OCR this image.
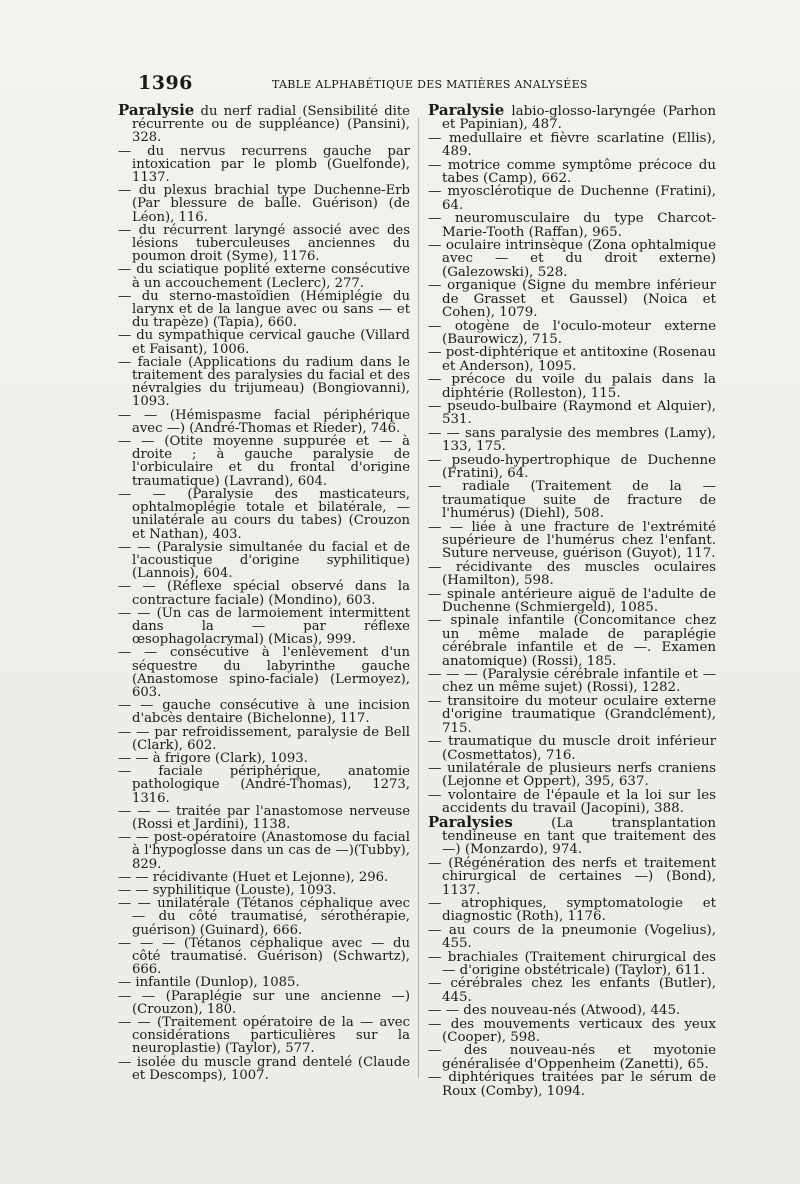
1396	TABLE ALPHABÉTIQUE DES MATIÈRES ANALYSÉES

Paralysie du nerf radial (Sensibilité dite récurrente ou de suppléance) (Pansini), 328.

— du nervus recurrens gauche par intoxication par le plomb (Guelfonde), 1137.

— du plexus brachial type Duchenne-Erb (Par blessure de balle. Guérison) (de Léon), 116.

— du récurrent laryngé associé avec des lésions tuberculeuses anciennes du poumon droit (Syme), 1176.

— du sciatique poplité externe consécutive à un accouchement (Leclerc), 277.

— du sterno-mastoïdien (Hémiplégie du larynx et de la langue avec ou sans — et du trapèze) (Tapia), 660.

— du sympathique cervical gauche (Villard et Faisant), 1006.

— faciale (Applications du radium dans le traitement des paralysies du facial et des névralgies du trijumeau) (Bongiovanni), 1093.

— — (Hémispasme facial périphérique avec —) (André-Thomas et Rieder), 746.

— — (Otite moyenne suppurée et — à droite ; à gauche paralysie de l'orbiculaire et du frontal d'origine traumatique) (Lavrand), 604.

— — (Paralysie des masticateurs, ophtalmoplégie totale et bilatérale, — unilatérale au cours du tabes) (Crouzon et Nathan), 403.

— — (Paralysie simultanée du facial et de l'acoustique d'origine syphilitique) (Lannois), 604.

— — (Réflexe spécial observé dans la contracture faciale) (Mondino), 603.

— — (Un cas de larmoiement intermittent dans la — par réflexe œsophagolacrymal) (Micas), 999.

— — consécutive à l'enlèvement d'un séquestre du labyrinthe gauche (Anastomose spino-faciale) (Lermoyez), 603.

— — gauche consécutive à une incision d'abcès dentaire (Bichelonne), 117.

— — par refroidissement, paralysie de Bell (Clark), 602.

— — à frigore (Clark), 1093.

— faciale périphérique, anatomie pathologique (André-Thomas), 1273, 1316.

— — — traitée par l'anastomose nerveuse (Rossi et Jardini), 1138.

— — post-opératoire (Anastomose du facial à l'hypoglosse dans un cas de —)(Tubby), 829.

— — récidivante (Huet et Lejonne), 296.

— — syphilitique (Louste), 1093.

— — unilatérale (Tétanos céphalique avec — du côté traumatisé, sérothérapie, guérison) (Guinard), 666.

— — — (Tétanos céphalique avec — du côté traumatisé. Guérison) (Schwartz), 666.

— infantile (Dunlop), 1085.

— — (Paraplégie sur une ancienne —) (Crouzon), 180.

— — (Traitement opératoire de la — avec considérations particulières sur la neuroplastie) (Taylor), 577.

— isolée du muscle grand dentelé (Claude et Descomps), 1007.

Paralysie labio-glosso-laryngée (Parhon et Papinian), 487.

— medullaire et fièvre scarlatine (Ellis), 489.

— motrice comme symptôme précoce du tabes (Camp), 662.

— myosclérotique de Duchenne (Fratini), 64.

— neuromusculaire du type Charcot-Marie-Tooth (Raffan), 965.

— oculaire intrinsèque (Zona ophtalmique avec — et du droit externe) (Galezowski), 528.

— organique (Signe du membre inférieur de Grasset et Gaussel) (Noica et Cohen), 1079.

— otogène de l'oculo-moteur externe (Baurowicz), 715.

— post-diphtérique et antitoxine (Rosenau et Anderson), 1095.

— précoce du voile du palais dans la diphtérie (Rolleston), 115.

— pseudo-bulbaire (Raymond et Alquier), 531.

— — sans paralysie des membres (Lamy), 133, 175.

— pseudo-hypertrophique de Duchenne (Fratini), 64.

— radiale (Traitement de la — traumatique suite de fracture de l'humérus) (Diehl), 508.

— — liée à une fracture de l'extrémité supérieure de l'humérus chez l'enfant. Suture nerveuse, guérison (Guyot), 117.

— récidivante des muscles oculaires (Hamilton), 598.

— spinale antérieure aiguë de l'adulte de Duchenne (Schmiergeld), 1085.

— spinale infantile (Concomitance chez un même malade de paraplégie cérébrale infantile et de —. Examen anatomique) (Rossi), 185.

— — — (Paralysie cérébrale infantile et — chez un même sujet) (Rossi), 1282.

— transitoire du moteur oculaire externe d'origine traumatique (Grandclément), 715.

— traumatique du muscle droit inférieur (Cosmettatos), 716.

— unilatérale de plusieurs nerfs craniens (Lejonne et Oppert), 395, 637.

— volontaire de l'épaule et la loi sur les accidents du travail (Jacopini), 388.

Paralysies (La transplantation tendineuse en tant que traitement des —) (Monzardo), 974.

— (Régénération des nerfs et traitement chirurgical de certaines —) (Bond), 1137.

— atrophiques, symptomatologie et diagnostic (Roth), 1176.

— au cours de la pneumonie (Vogelius), 455.

— brachiales (Traitement chirurgical des — d'origine obstétricale) (Taylor), 611.

— cérébrales chez les enfants (Butler), 445.

— — des nouveau-nés (Atwood), 445.

— des mouvements verticaux des yeux (Cooper), 598.

— des nouveau-nés et myotonie généralisée d'Oppenheim (Zanetti), 65.

— diphtériques traitées par le sérum de Roux (Comby), 1094.
